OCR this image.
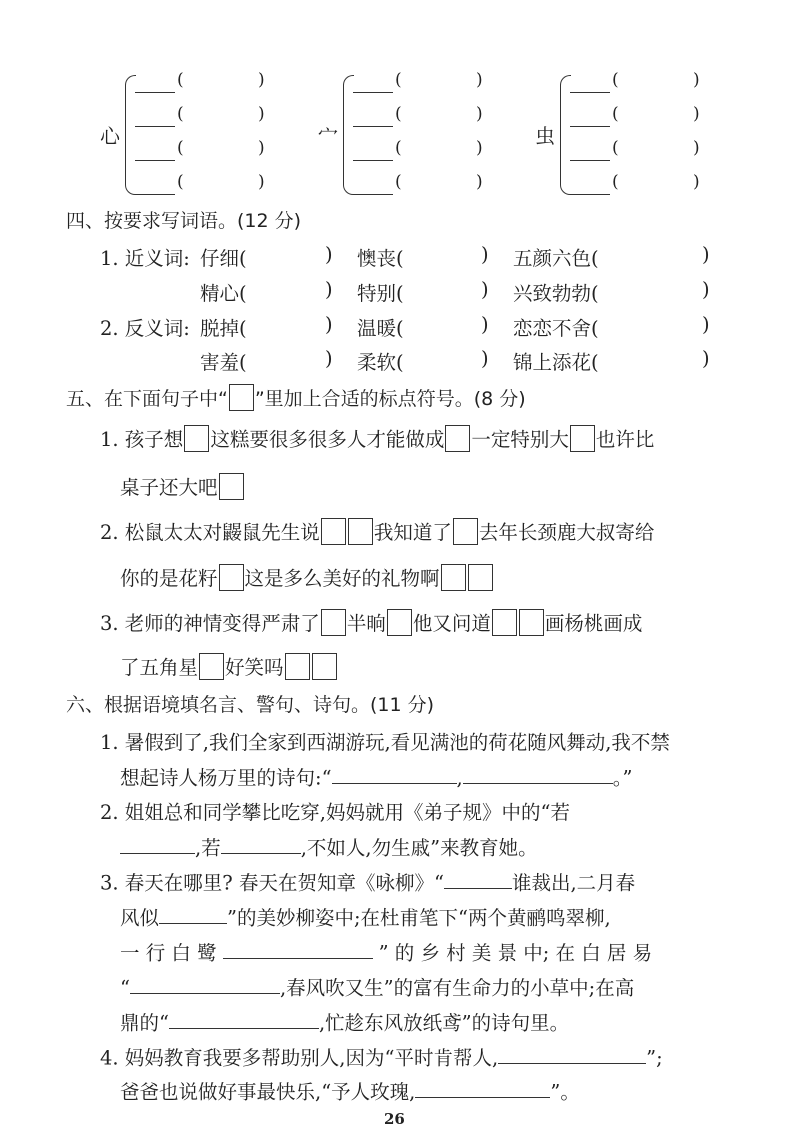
心
(	)
(	)
(	)
(	)
宀
(	)
(	)
(	)
(	)
虫
(	)
(	)
(	)
(	)
四、按要求写词语。(12 分)
1. 近义词: 仔细(	) 懊丧(	) 五颜六色(	)
精心(	) 特别(	) 兴致勃勃(	)
2. 反义词: 脱掉(	) 温暖(	) 恋恋不舍(	)
害羞(	) 柔软(	) 锦上添花(	)
五、在下面句子中“ ”里加上合适的标点符号。(8 分)
1. 孩子想 这糕要很多很多人才能做成 一定特别大 也许比
桌子还大吧
2. 松鼠太太对鼹鼠先生说	我知道了 去年长颈鹿大叔寄给
你的是花籽 这是多么美好的礼物啊
3. 老师的神情变得严肃了 半晌 他又问道	画杨桃画成
了五角星 好笑吗
六、根据语境填名言、警句、诗句。(11 分)
1. 暑假到了,我们全家到西湖游玩,看见满池的荷花随风舞动,我不禁
想起诗人杨万里的诗句:“	,	。”
2. 姐姐总和同学攀比吃穿,妈妈就用《弟子规》中的“若
,若	,不如人,勿生戚”来教育她。
3. 春天在哪里? 春天在贺知章《咏柳》“	谁裁出,二月春
风似	”的美妙柳姿中;在杜甫笔下“两个黄鹂鸣翠柳,
一 行 白 鹭	” 的 乡 村 美 景 中; 在 白 居 易
“	,春风吹又生”的富有生命力的小草中;在高
鼎的“	,忙趁东风放纸鸢”的诗句里。
4. 妈妈教育我要多帮助别人,因为“平时肯帮人,	”;
爸爸也说做好事最快乐,“予人玫瑰,	”。
26
